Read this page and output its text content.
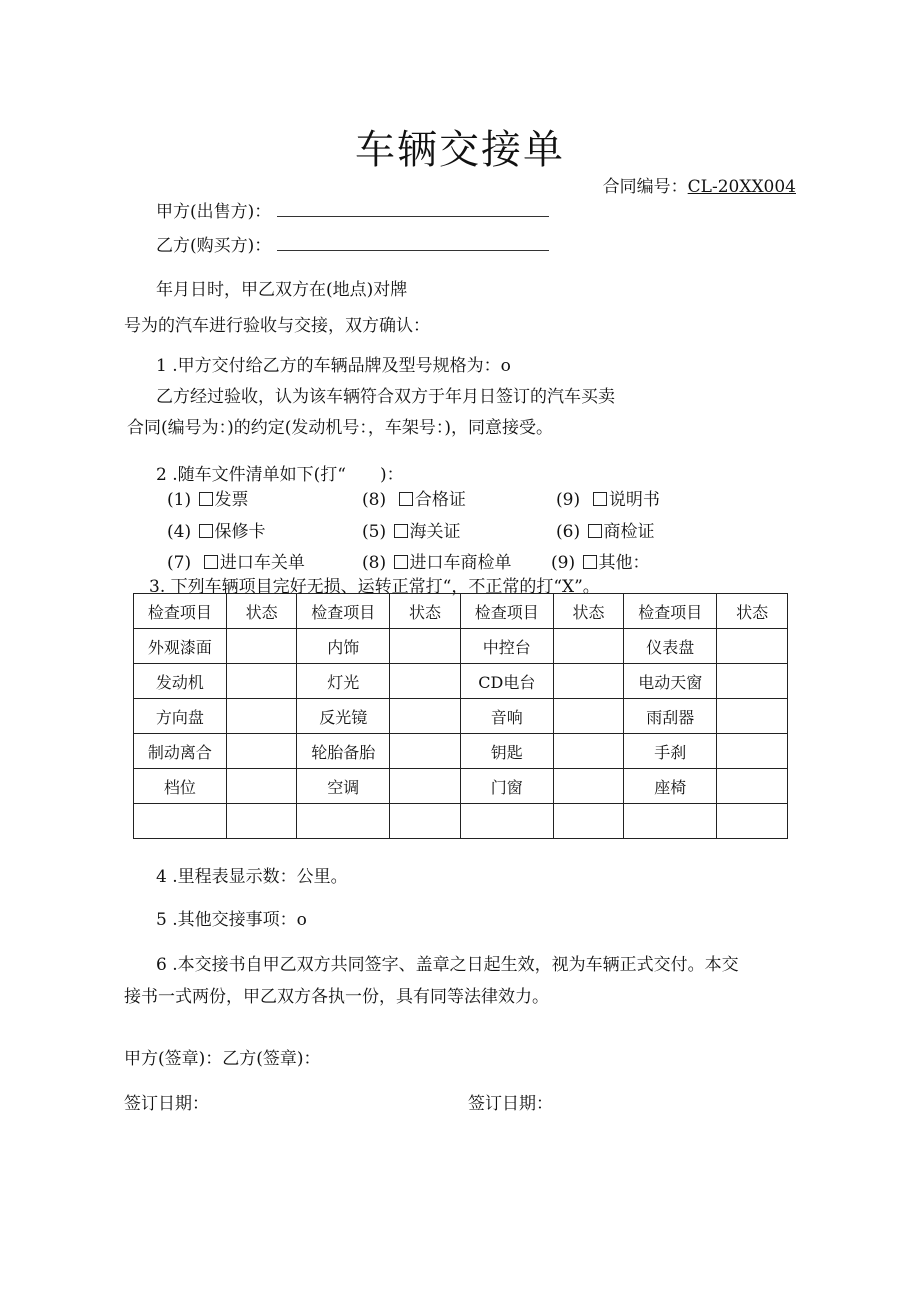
车辆交接单
合同编号：CL-20XX004
甲方(出售方)：
乙方(购买方)：
年月日时，甲乙双方在(地点)对牌
号为的汽车进行验收与交接，双方确认：
1 .甲方交付给乙方的车辆品牌及型号规格为：o
乙方经过验收，认为该车辆符合双方于年月日签订的汽车买卖
合同(编号为：)的约定(发动机号：，车架号：)，同意接受。
2 .随车文件清单如下(打“　　)：
(1) 发票	(8) 合格证	(9) 说明书
(4) 保修卡	(5) 海关证	(6) 商检证
(7) 进口车关单	(8) 进口车商检单 (9) 其他：
3. 下列车辆项目完好无损、运转正常打“，不正常的打“X”。
检查项目	状态	检查项目	状态	检查项目	状态	检查项目	状态
外观漆面		内饰		中控台		仪表盘	
发动机		灯光		CD电台		电动天窗	
方向盘		反光镜		音响		雨刮器	
制动离合		轮胎备胎		钥匙		手刹	
档位		空调		门窗		座椅	

4 .里程表显示数：公里。
5 .其他交接事项：o
6 .本交接书自甲乙双方共同签字、盖章之日起生效，视为车辆正式交付。本交
接书一式两份，甲乙双方各执一份，具有同等法律效力。
甲方(签章)：乙方(签章)：
签订日期：	签订日期：
